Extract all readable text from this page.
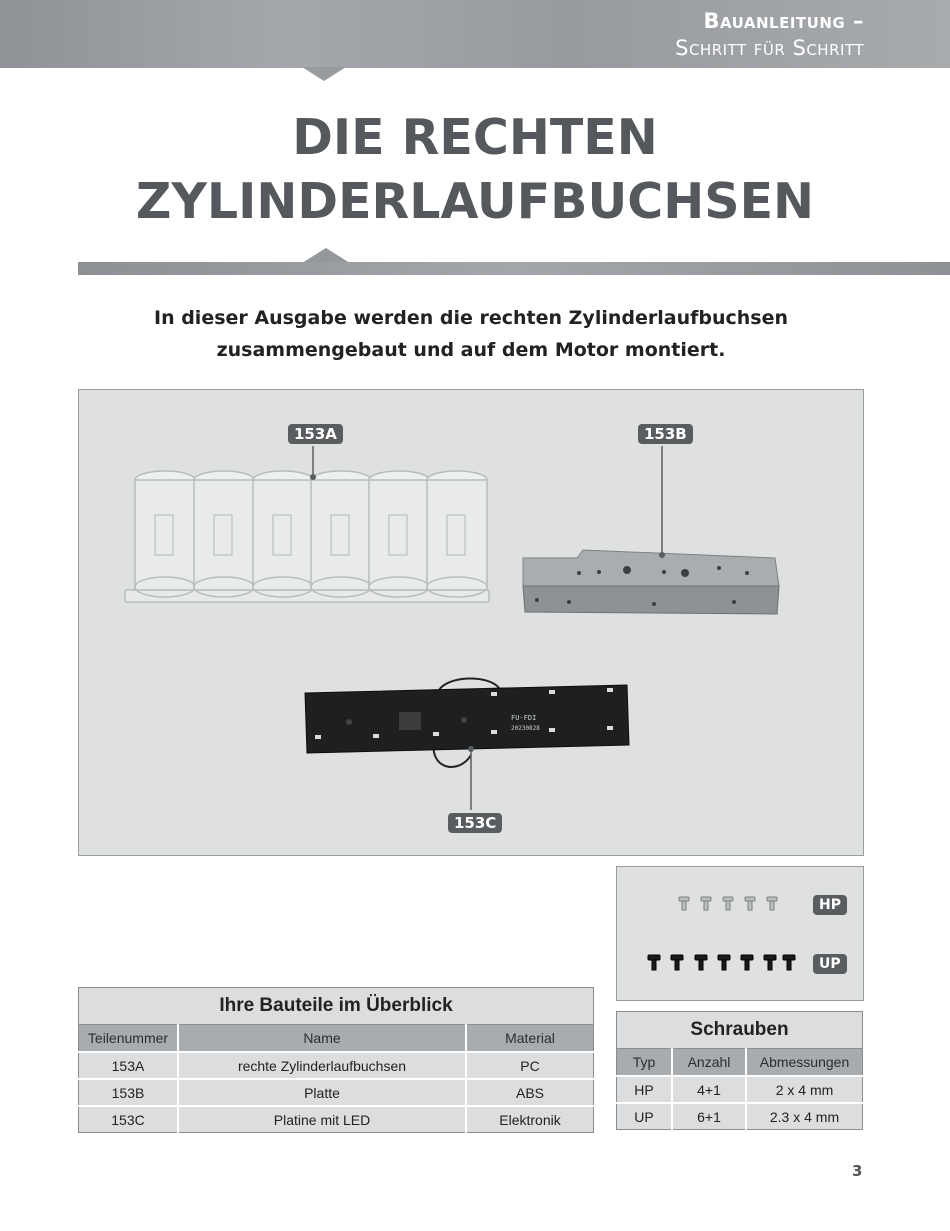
Bauanleitung –
Schritt für Schritt
DIE RECHTEN
ZYLINDERLAUFBUCHSEN
In dieser Ausgabe werden die rechten Zylinderlaufbuchsen zusammengebaut und auf dem Motor montiert.
FU-FDI
20230828
153A	153B
153C
HP
UP
Ihre Bauteile im Überblick		
Teilenummer	Name	Material
153A	rechte Zylinderlaufbuchsen	PC
153B	Platte	ABS
153C	Platine mit LED	Elektronik
Schrauben		
Typ	Anzahl	Abmessungen
HP	4+1	2 x 4 mm
UP	6+1	2.3 x 4 mm
3
